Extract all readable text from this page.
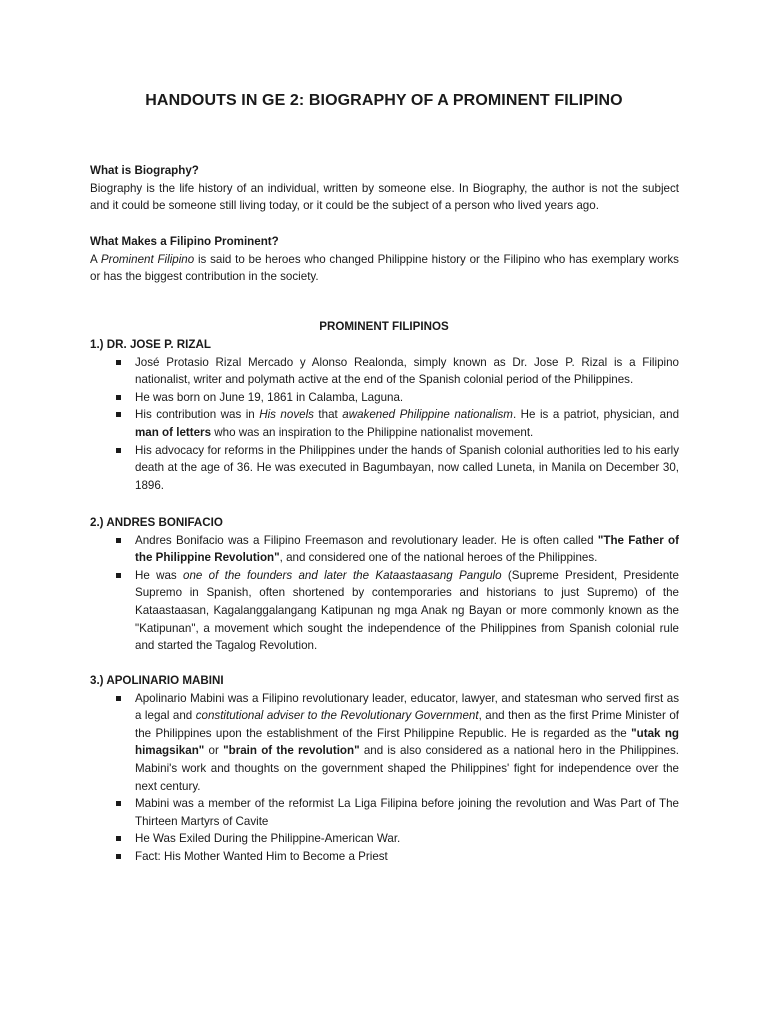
HANDOUTS IN GE 2: BIOGRAPHY OF A PROMINENT FILIPINO
What is Biography?

Biography is the life history of an individual, written by someone else. In Biography, the author is not the subject and it could be someone still living today, or it could be the subject of a person who lived years ago.

What Makes a Filipino Prominent?

A Prominent Filipino is said to be heroes who changed Philippine history or the Filipino who has exemplary works or has the biggest contribution in the society.

PROMINENT FILIPINOS
1.) DR. JOSE P. RIZAL
José Protasio Rizal Mercado y Alonso Realonda, simply known as Dr. Jose P. Rizal is a Filipino nationalist, writer and polymath active at the end of the Spanish colonial period of the Philippines.
He was born on June 19, 1861 in Calamba, Laguna.
His contribution was in His novels that awakened Philippine nationalism. He is a patriot, physician, and man of letters who was an inspiration to the Philippine nationalist movement.
His advocacy for reforms in the Philippines under the hands of Spanish colonial authorities led to his early death at the age of 36. He was executed in Bagumbayan, now called Luneta, in Manila on December 30, 1896.
2.) ANDRES BONIFACIO
Andres Bonifacio was a Filipino Freemason and revolutionary leader. He is often called "The Father of the Philippine Revolution", and considered one of the national heroes of the Philippines.
He was one of the founders and later the Kataastaasang Pangulo (Supreme President, Presidente Supremo in Spanish, often shortened by contemporaries and historians to just Supremo) of the Kataastaasan, Kagalanggalangang Katipunan ng mga Anak ng Bayan or more commonly known as the "Katipunan", a movement which sought the independence of the Philippines from Spanish colonial rule and started the Tagalog Revolution.
3.) APOLINARIO MABINI
Apolinario Mabini was a Filipino revolutionary leader, educator, lawyer, and statesman who served first as a legal and constitutional adviser to the Revolutionary Government, and then as the first Prime Minister of the Philippines upon the establishment of the First Philippine Republic. He is regarded as the "utak ng himagsikan" or "brain of the revolution" and is also considered as a national hero in the Philippines. Mabini's work and thoughts on the government shaped the Philippines' fight for independence over the next century.
Mabini was a member of the reformist La Liga Filipina before joining the revolution and Was Part of The Thirteen Martyrs of Cavite
He Was Exiled During the Philippine-American War.
Fact: His Mother Wanted Him to Become a Priest
